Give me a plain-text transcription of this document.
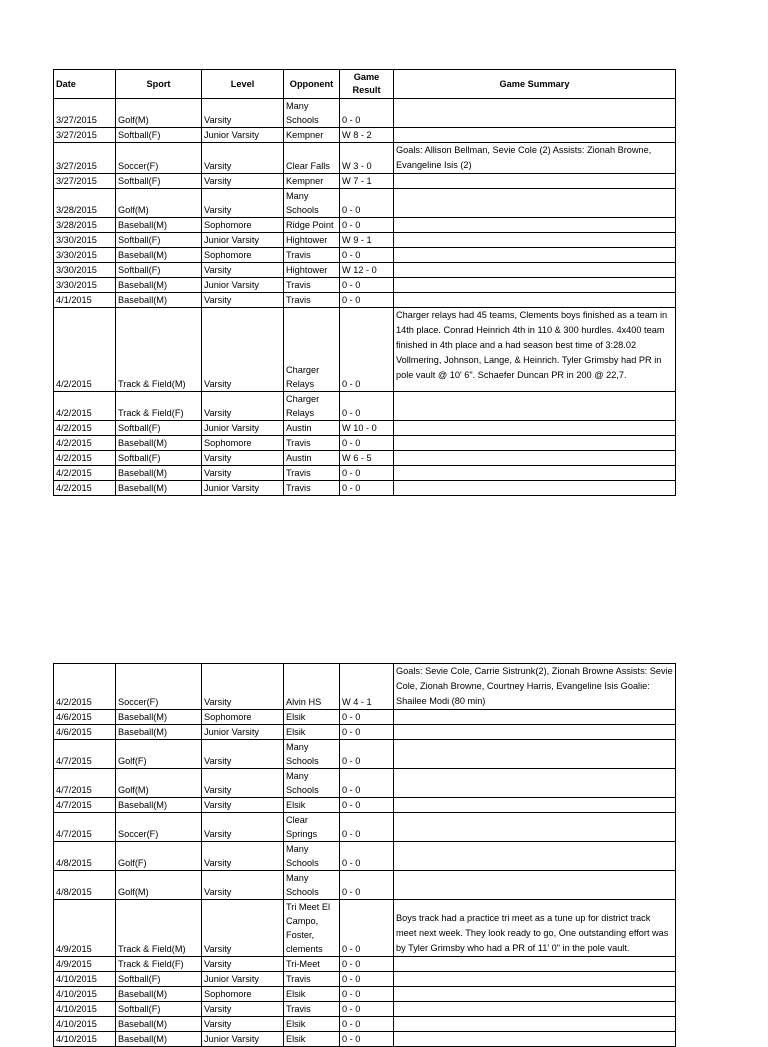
Date	Sport	Level	Opponent	Game Result	Game Summary
3/27/2015	Golf(M)	Varsity	Many Schools	0 - 0	
3/27/2015	Softball(F)	Junior Varsity	Kempner	W 8 - 2	
3/27/2015	Soccer(F)	Varsity	Clear Falls	W 3 - 0	Goals: Allison Bellman, Sevie Cole (2) Assists: Zionah Browne, Evangeline Isis (2)
3/27/2015	Softball(F)	Varsity	Kempner	W 7 - 1	
3/28/2015	Golf(M)	Varsity	Many Schools	0 - 0	
3/28/2015	Baseball(M)	Sophomore	Ridge Point	0 - 0	
3/30/2015	Softball(F)	Junior Varsity	Hightower	W 9 - 1	
3/30/2015	Baseball(M)	Sophomore	Travis	0 - 0	
3/30/2015	Softball(F)	Varsity	Hightower	W 12 - 0	
3/30/2015	Baseball(M)	Junior Varsity	Travis	0 - 0	
4/1/2015	Baseball(M)	Varsity	Travis	0 - 0	
4/2/2015	Track & Field(M)	Varsity	Charger Relays	0 - 0	Charger relays had 45 teams, Clements boys finished as a team in 14th place. Conrad Heinrich 4th in 110 & 300 hurdles. 4x400 team finished in 4th place and a had season best time of 3:28.02 Vollmering, Johnson, Lange, & Heinrich. Tyler Grimsby had PR in pole vault @ 10' 6". Schaefer Duncan PR in 200 @ 22,7.
4/2/2015	Track & Field(F)	Varsity	Charger Relays	0 - 0	
4/2/2015	Softball(F)	Junior Varsity	Austin	W 10 - 0	
4/2/2015	Baseball(M)	Sophomore	Travis	0 - 0	
4/2/2015	Softball(F)	Varsity	Austin	W 6 - 5	
4/2/2015	Baseball(M)	Varsity	Travis	0 - 0	
4/2/2015	Baseball(M)	Junior Varsity	Travis	0 - 0	
4/2/2015	Soccer(F)	Varsity	Alvin HS	W 4 - 1	Goals: Sevie Cole, Carrie Sistrunk(2), Zionah Browne Assists: Sevie Cole, Zionah Browne, Courtney Harris, Evangeline Isis Goalie: Shailee Modi (80 min)
4/6/2015	Baseball(M)	Sophomore	Elsik	0 - 0	
4/6/2015	Baseball(M)	Junior Varsity	Elsik	0 - 0	
4/7/2015	Golf(F)	Varsity	Many Schools	0 - 0	
4/7/2015	Golf(M)	Varsity	Many Schools	0 - 0	
4/7/2015	Baseball(M)	Varsity	Elsik	0 - 0	
4/7/2015	Soccer(F)	Varsity	Clear Springs	0 - 0	
4/8/2015	Golf(F)	Varsity	Many Schools	0 - 0	
4/8/2015	Golf(M)	Varsity	Many Schools	0 - 0	
4/9/2015	Track & Field(M)	Varsity	Tri Meet El Campo, Foster, clements	0 - 0	Boys track had a practice tri meet as a tune up for district track meet next week. They look ready to go, One outstanding effort was by Tyler Grimsby who had a PR of 11' 0" in the pole vault.
4/9/2015	Track & Field(F)	Varsity	Tri-Meet	0 - 0	
4/10/2015	Softball(F)	Junior Varsity	Travis	0 - 0	
4/10/2015	Baseball(M)	Sophomore	Elsik	0 - 0	
4/10/2015	Softball(F)	Varsity	Travis	0 - 0	
4/10/2015	Baseball(M)	Varsity	Elsik	0 - 0	
4/10/2015	Baseball(M)	Junior Varsity	Elsik	0 - 0	
